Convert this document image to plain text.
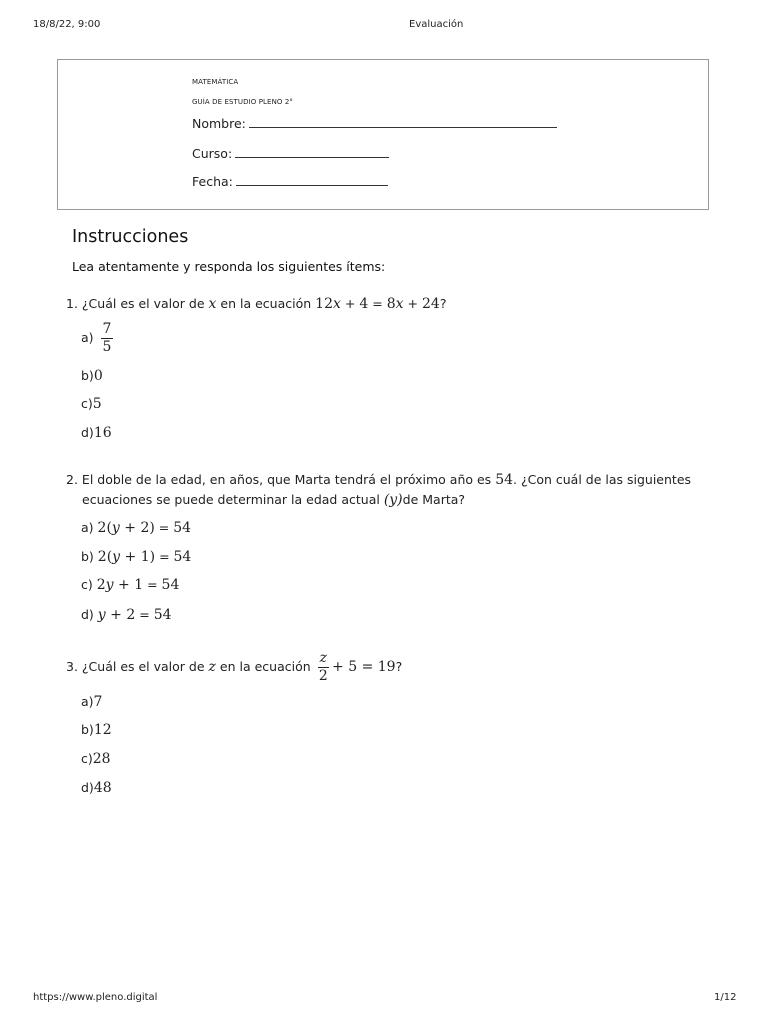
18/8/22, 9:00	Evaluación
MATEMÁTICA
GUÍA DE ESTUDIO PLENO 2°
Nombre:
Curso:
Fecha:
Instrucciones
Lea atentamente y responda los siguientes ítems:
1. ¿Cuál es el valor de x en la ecuación 12x + 4 = 8x + 24?
$a) \frac{7}{5}$
b)0
c)5
d)16
2. El doble de la edad, en años, que Marta tendrá el próximo año es 54. ¿Con cuál de las siguientes
ecuaciones se puede determinar la edad actual (y)de Marta?
a) 2(y + 2) = 54
b) 2(y + 1) = 54
c) 2y + 1 = 54
d) y + 2 = 54
3. ¿Cuál es el valor de z en la ecuación $\frac{z}{2} + 5 = 19$?
a)7
b)12
c)28
d)48
https://www.pleno.digital	1/12
